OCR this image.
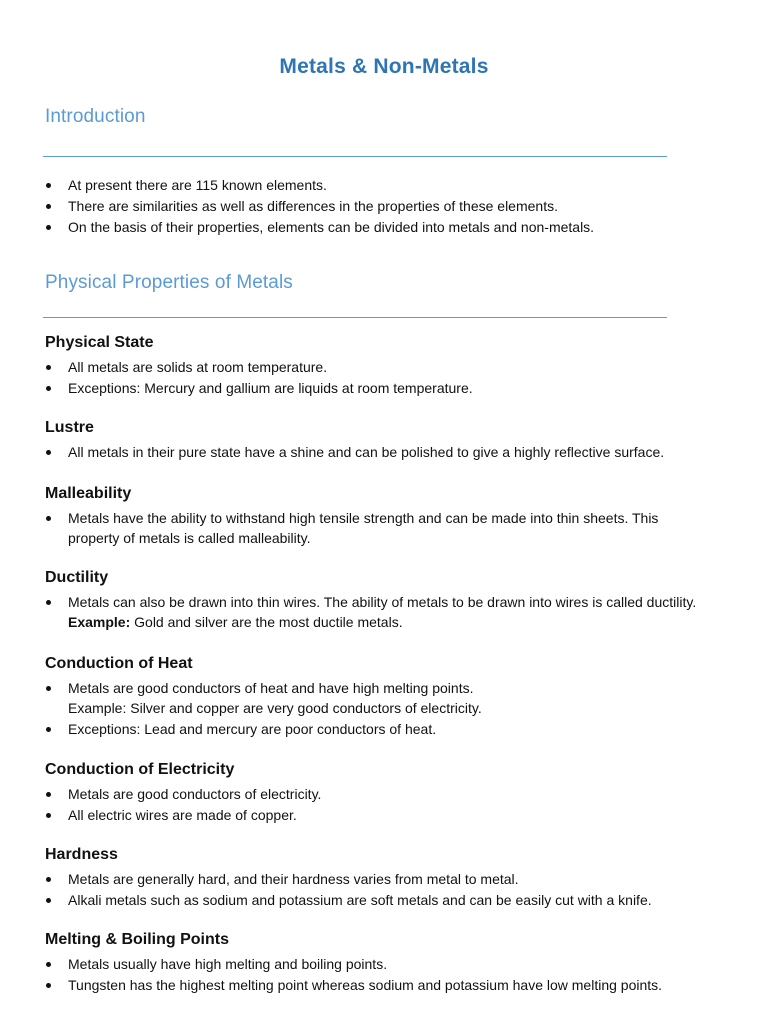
Metals & Non-Metals
Introduction
At present there are 115 known elements.
There are similarities as well as differences in the properties of these elements.
On the basis of their properties, elements can be divided into metals and non-metals.
Physical Properties of Metals
Physical State
All metals are solids at room temperature.
Exceptions: Mercury and gallium are liquids at room temperature.
Lustre
All metals in their pure state have a shine and can be polished to give a highly reflective surface.
Malleability
Metals have the ability to withstand high tensile strength and can be made into thin sheets. This property of metals is called malleability.
Ductility
Metals can also be drawn into thin wires. The ability of metals to be drawn into wires is called ductility.
Example: Gold and silver are the most ductile metals.
Conduction of Heat
Metals are good conductors of heat and have high melting points.
Example: Silver and copper are very good conductors of electricity.
Exceptions: Lead and mercury are poor conductors of heat.
Conduction of Electricity
Metals are good conductors of electricity.
All electric wires are made of copper.
Hardness
Metals are generally hard, and their hardness varies from metal to metal.
Alkali metals such as sodium and potassium are soft metals and can be easily cut with a knife.
Melting & Boiling Points
Metals usually have high melting and boiling points.
Tungsten has the highest melting point whereas sodium and potassium have low melting points.
